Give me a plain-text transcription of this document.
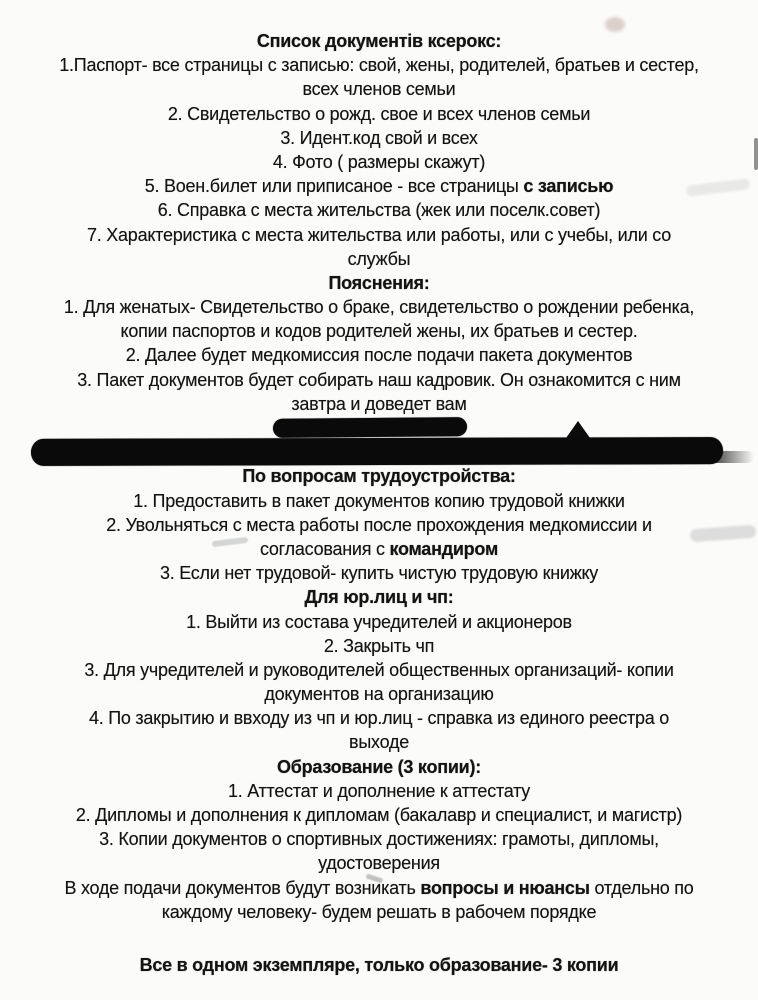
Список документів ксерокс:
1.Паспорт- все страницы с записью: свой, жены, родителей, братьев и сестер,
всех членов семьи
2. Свидетельство о рожд. свое и всех членов семьи
3. Идент.код свой и всех
4. Фото ( размеры скажут)
5. Воен.билет или приписаное - все страницы с записью
6. Справка с места жительства (жек или поселк.совет)
7. Характеристика с места жительства или работы, или с учебы, или со
службы
Пояснения:
1. Для женатых- Свидетельство о браке, свидетельство о рождении ребенка,
копии паспортов и кодов родителей жены, их братьев и сестер.
2. Далее будет медкомиссия после подачи пакета документов
3. Пакет документов будет собирать наш кадровик. Он ознакомится с ним
завтра и доведет вам
По вопросам трудоустройства:
1. Предоставить в пакет документов копию трудовой книжки
2. Увольняться с места работы после прохождения медкомиссии и
согласования с командиром
3. Если нет трудовой- купить чистую трудовую книжку
Для юр.лиц и чп:
1. Выйти из состава учредителей и акционеров
2. Закрыть чп
3. Для учредителей и руководителей общественных организаций- копии
документов на организацию
4. По закрытию и ввходу из чп и юр.лиц - справка из единого реестра о
выходе
Образование (3 копии):
1. Аттестат и дополнение к аттестату
2. Дипломы и дополнения к дипломам (бакалавр и специалист, и магистр)
3. Копии документов о спортивных достижениях: грамоты, дипломы,
удостоверения
В ходе подачи документов будут возникать вопросы и нюансы отдельно по
каждому человеку- будем решать в рабочем порядке
Все в одном экземпляре, только образование- 3 копии
